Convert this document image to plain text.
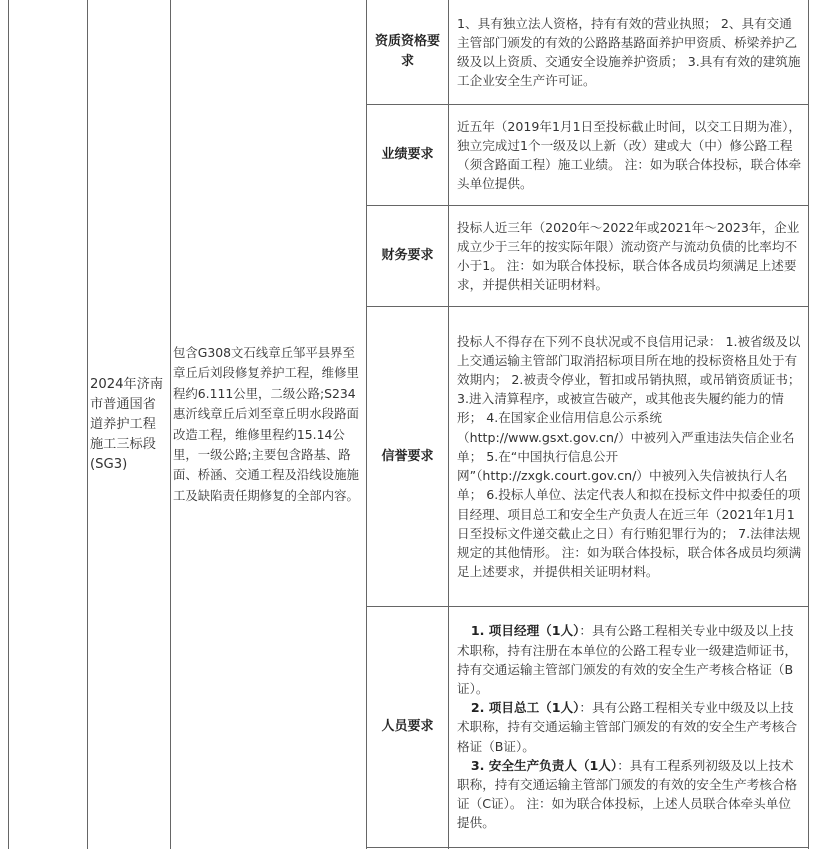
2024年济南市普通国省道养护工程施工三标段(SG3)
包含G308文石线章丘邹平县界至章丘后刘段修复养护工程，维修里程约6.111公里，二级公路;S234惠沂线章丘后刘至章丘明水段路面改造工程，维修里程约15.14公里，一级公路;主要包含路基、路面、桥涵、交通工程及沿线设施施工及缺陷责任期修复的全部内容。
资质资格要求
1、具有独立法人资格，持有有效的营业执照； 2、具有交通主管部门颁发的有效的公路路基路面养护甲资质、桥梁养护乙级及以上资质、交通安全设施养护资质； 3.具有有效的建筑施工企业安全生产许可证。
业绩要求
近五年（2019年1月1日至投标截止时间，以交工日期为准），独立完成过1个一级及以上新（改）建或大（中）修公路工程（须含路面工程）施工业绩。 注：如为联合体投标，联合体牵头单位提供。
财务要求
投标人近三年（2020年～2022年或2021年～2023年，企业成立少于三年的按实际年限）流动资产与流动负债的比率均不小于1。 注：如为联合体投标，联合体各成员均须满足上述要求，并提供相关证明材料。
信誉要求
投标人不得存在下列不良状况或不良信用记录： 1.被省级及以上交通运输主管部门取消招标项目所在地的投标资格且处于有效期内； 2.被责令停业，暂扣或吊销执照，或吊销资质证书； 3.进入清算程序，或被宣告破产，或其他丧失履约能力的情形； 4.在国家企业信用信息公示系统（http://www.gsxt.gov.cn/）中被列入严重违法失信企业名单； 5.在“中国执行信息公开网”（http://zxgk.court.gov.cn/）中被列入失信被执行人名单； 6.投标人单位、法定代表人和拟在投标文件中拟委任的项目经理、项目总工和安全生产负责人在近三年（2021年1月1日至投标文件递交截止之日）有行贿犯罪行为的； 7.法律法规规定的其他情形。 注：如为联合体投标，联合体各成员均须满足上述要求，并提供相关证明材料。
人员要求

1. 项目经理（1人）：具有公路工程相关专业中级及以上技术职称，持有注册在本单位的公路工程专业一级建造师证书，持有交通运输主管部门颁发的有效的安全生产考核合格证（B证）。

2. 项目总工（1人）：具有公路工程相关专业中级及以上技术职称，持有交通运输主管部门颁发的有效的安全生产考核合格证（B证）。

3. 安全生产负责人（1人）：具有工程系列初级及以上技术职称，持有交通运输主管部门颁发的有效的安全生产考核合格证（C证）。 注：如为联合体投标，上述人员联合体牵头单位提供。
